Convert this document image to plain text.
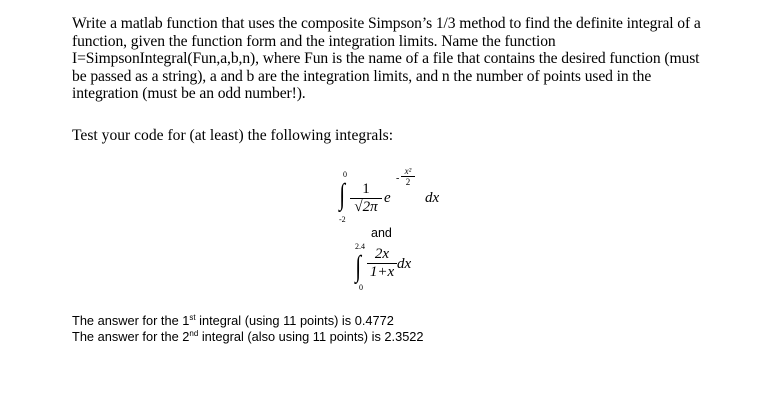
Write a matlab function that uses the composite Simpson’s 1/3 method to find the definite integral of a function, given the function form and the integration limits. Name the function I=SimpsonIntegral(Fun,a,b,n), where Fun is the name of a file that contains the desired function (must be passed as a string), a and b are the integration limits, and n the number of points used in the integration (must be an odd number!).
Test your code for (at least) the following integrals:
0
∫
-2
1
√2π
e
-
x²
2
dx
and
2.4
∫
0
2x
1+x dx
The answer for the 1st integral (using 11 points) is 0.4772
The answer for the 2nd integral (also using 11 points) is 2.3522
